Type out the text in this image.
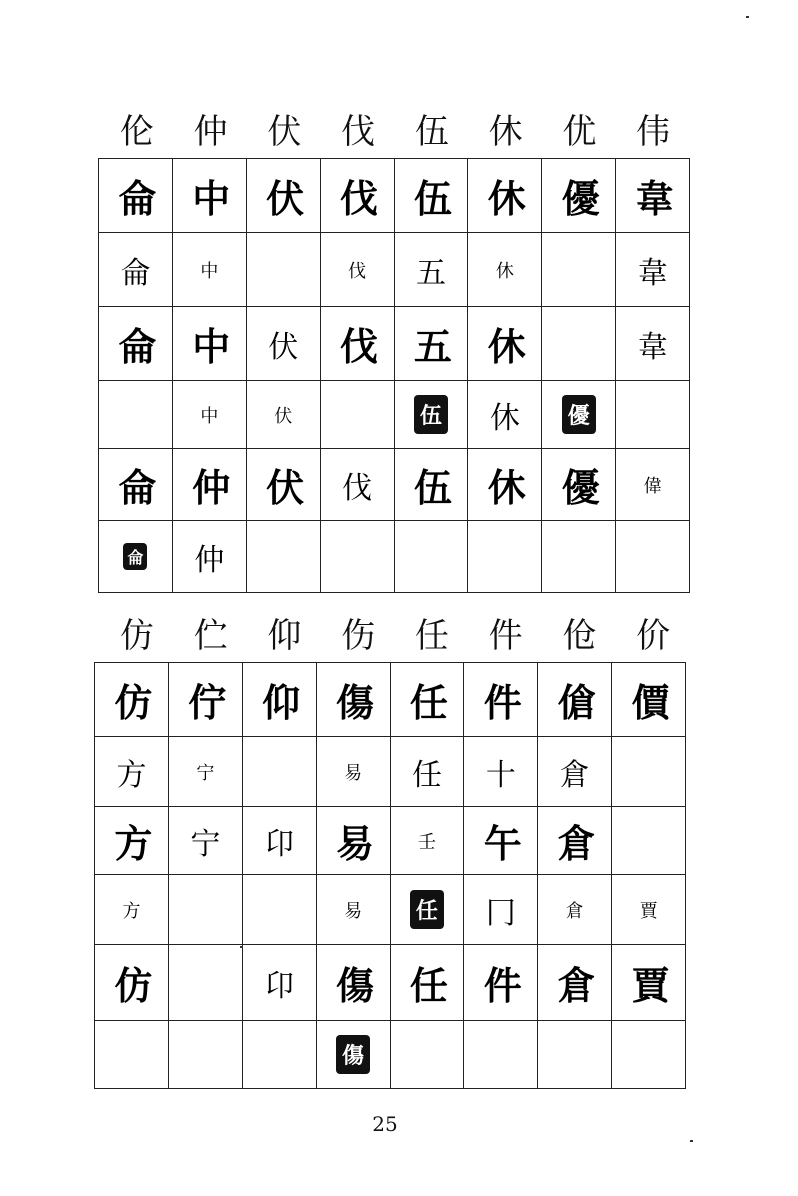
伦	仲	伏	伐	伍	休	优	伟
侖	中	伏	伐	伍	休	優	韋
侖	中		伐	五	休		韋
侖	中	伏	伐	五	休		韋
	中	伏		伍	休	優	
侖	仲	伏	伐	伍	休	優	偉
侖	仲						
仿	伫	仰	伤	任	件	伧	价
仿	佇	仰	傷	任	件	傖	價
方	宁		易	任	十	倉	
方	宁	卬	易	壬	午	倉	
方			易	任	冂	倉	賈
仿		卬	傷	任	件	倉	賈
			傷				
25
